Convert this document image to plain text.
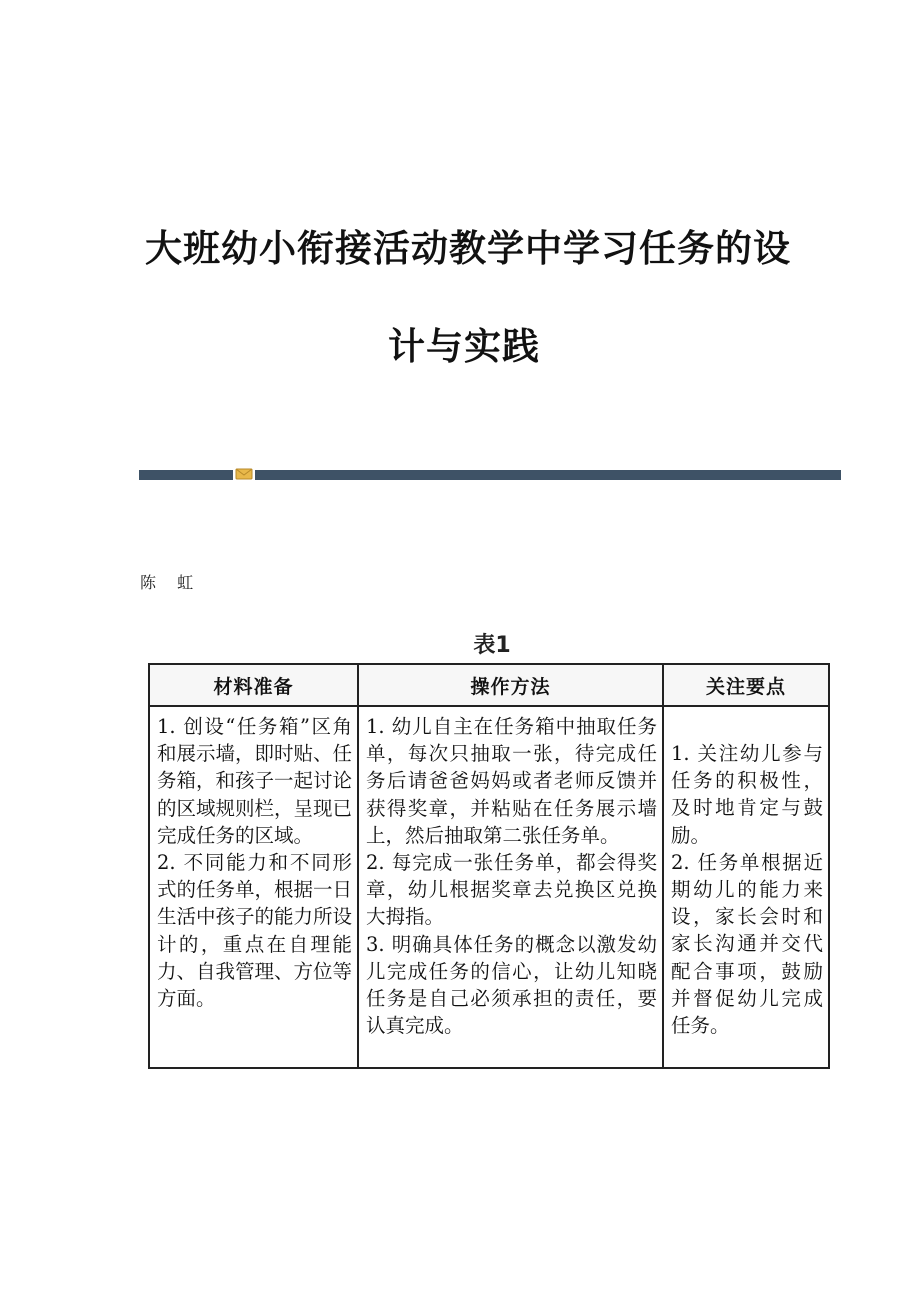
大班幼小衔接活动教学中学习任务的设
计与实践
陈 虹
表1
材料准备

1. 创设“任务箱”区角和展示墙，即时贴、任务箱，和孩子一起讨论的区域规则栏，呈现已完成任务的区域。

2. 不同能力和不同形式的任务单，根据一日生活中孩子的能力所设计的，重点在自理能力、自我管理、方位等方面。

操作方法

1. 幼儿自主在任务箱中抽取任务单，每次只抽取一张，待完成任务后请爸爸妈妈或者老师反馈并获得奖章，并粘贴在任务展示墙上，然后抽取第二张任务单。

2. 每完成一张任务单，都会得奖章，幼儿根据奖章去兑换区兑换大拇指。

3. 明确具体任务的概念以激发幼儿完成任务的信心，让幼儿知晓任务是自己必须承担的责任，要认真完成。

关注要点

1. 关注幼儿参与任务的积极性，及时地肯定与鼓励。

2. 任务单根据近期幼儿的能力来设，家长会时和家长沟通并交代配合事项，鼓励并督促幼儿完成任务。
